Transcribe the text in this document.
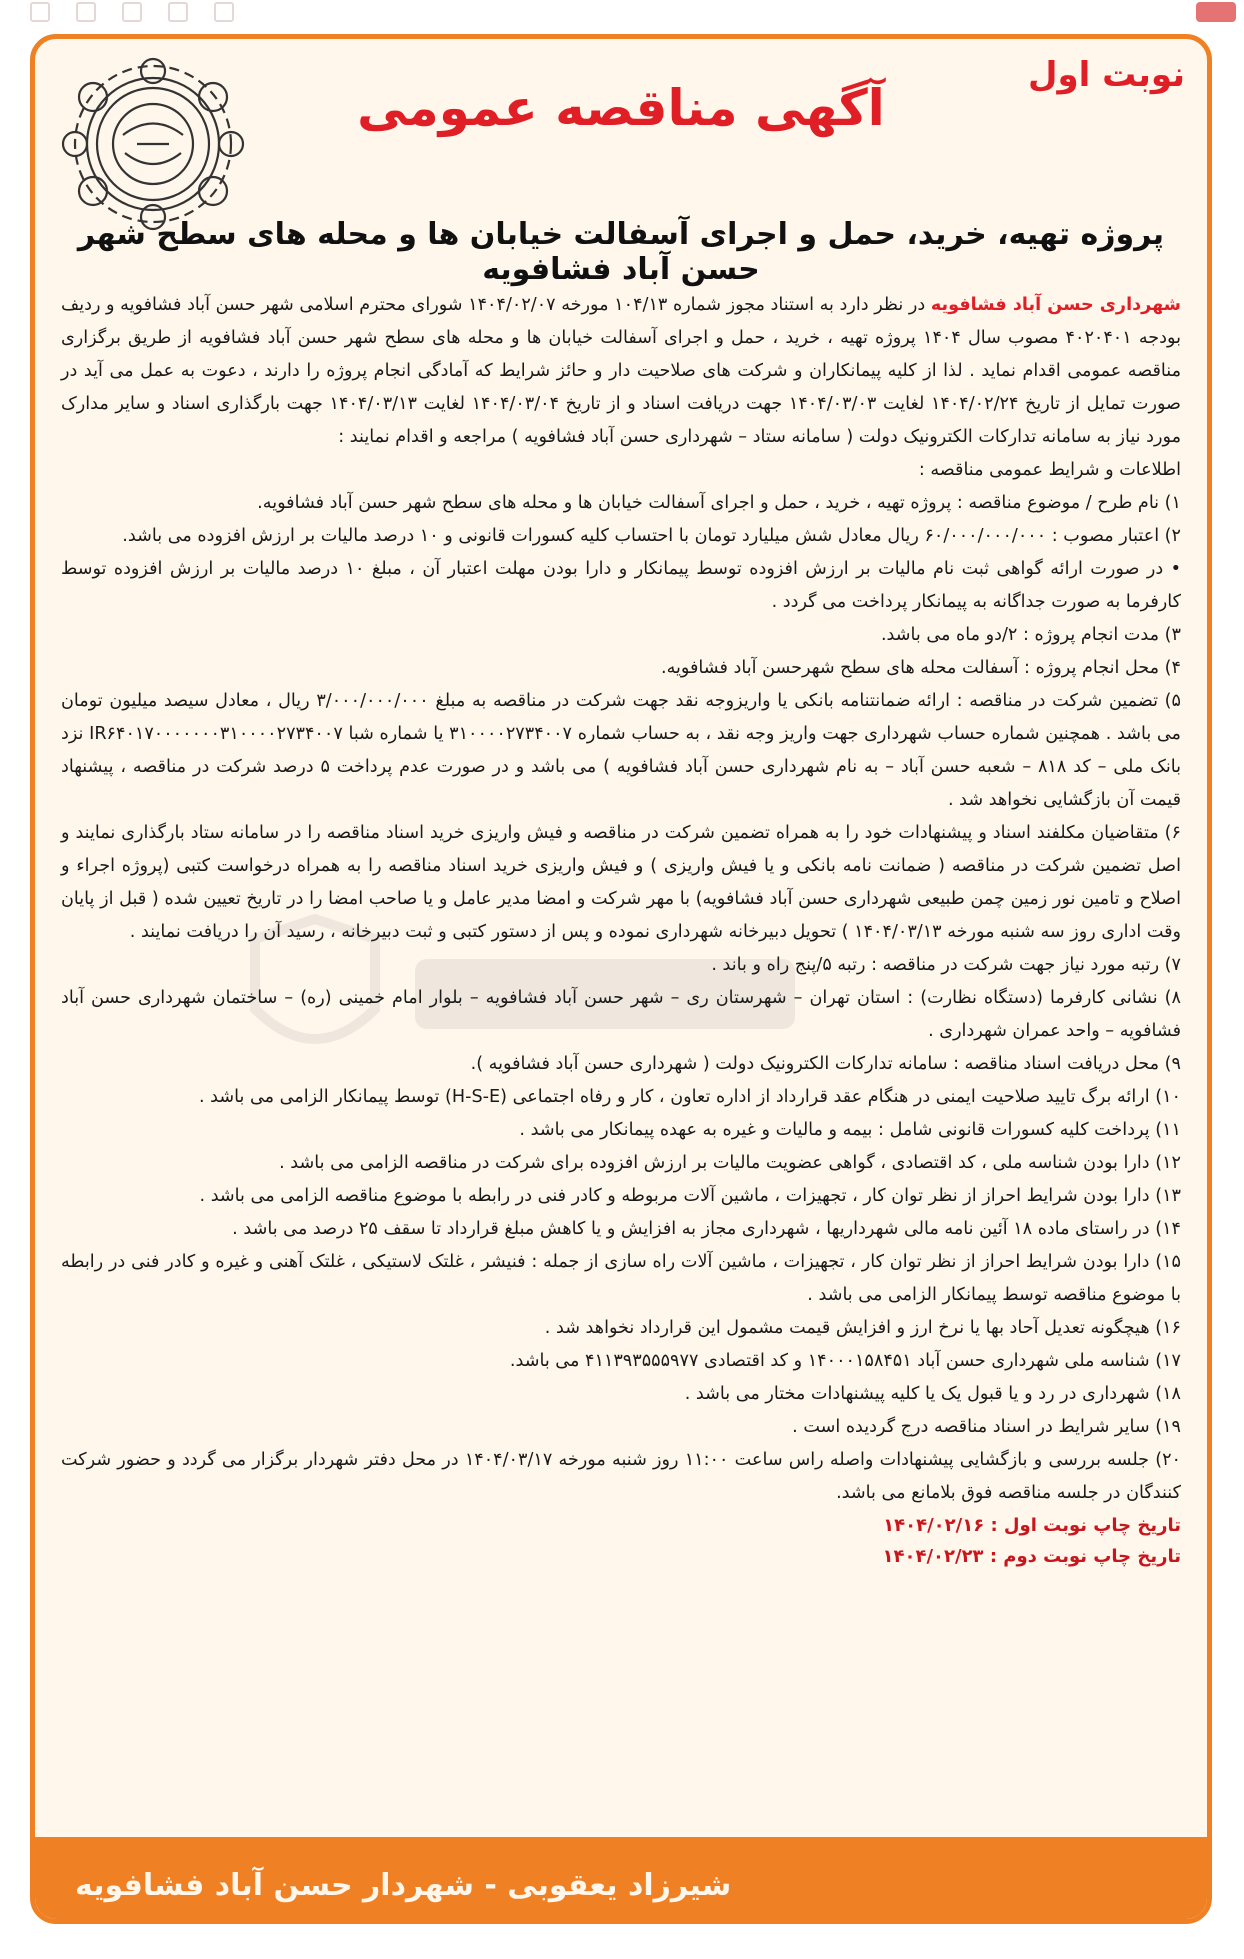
نوبت اول
آگهی مناقصه عمومی
پروژه تهیه، خرید، حمل و اجرای آسفالت خیابان ها و محله های سطح شهر حسن آباد فشافویه

شهرداری حسن آباد فشافویه در نظر دارد به استناد مجوز شماره ۱۰۴/۱۳ مورخه ۱۴۰۴/۰۲/۰۷ شورای محترم اسلامی شهر حسن آباد فشافویه و ردیف بودجه ۴۰۲۰۴۰۱ مصوب سال ۱۴۰۴ پروژه تهیه ، خرید ، حمل و اجرای آسفالت خیابان ها و محله های سطح شهر حسن آباد فشافویه از طریق برگزاری مناقصه عمومی اقدام نماید . لذا از کلیه پیمانکاران و شرکت های صلاحیت دار و حائز شرایط که آمادگی انجام پروژه را دارند ، دعوت به عمل می آید در صورت تمایل از تاریخ ۱۴۰۴/۰۲/۲۴ لغایت ۱۴۰۴/۰۳/۰۳ جهت دریافت اسناد و از تاریخ ۱۴۰۴/۰۳/۰۴ لغایت ۱۴۰۴/۰۳/۱۳ جهت بارگذاری اسناد و سایر مدارک مورد نیاز به سامانه تدارکات الکترونیک دولت ( سامانه ستاد – شهرداری حسن آباد فشافویه ) مراجعه و اقدام نمایند :

اطلاعات و شرایط عمومی مناقصه :

۱) نام طرح / موضوع مناقصه : پروژه تهیه ، خرید ، حمل و اجرای آسفالت خیابان ها و محله های سطح شهر حسن آباد فشافویه.

۲) اعتبار مصوب : ۶۰/۰۰۰/۰۰۰/۰۰۰ ریال معادل شش میلیارد تومان با احتساب کلیه کسورات قانونی و ۱۰ درصد مالیات بر ارزش افزوده می باشد.

• در صورت ارائه گواهی ثبت نام مالیات بر ارزش افزوده توسط پیمانکار و دارا بودن مهلت اعتبار آن ، مبلغ ۱۰ درصد مالیات بر ارزش افزوده توسط کارفرما به صورت جداگانه به پیمانکار پرداخت می گردد .

۳) مدت انجام پروژه : ۲/دو ماه می باشد.

۴) محل انجام پروژه : آسفالت محله های سطح شهرحسن آباد فشافویه.

۵) تضمین شرکت در مناقصه : ارائه ضمانتنامه بانکی یا واریزوجه نقد جهت شرکت در مناقصه به مبلغ ۳/۰۰۰/۰۰۰/۰۰۰ ریال ، معادل سیصد میلیون تومان می باشد . همچنین شماره حساب شهرداری جهت واریز وجه نقد ، به حساب شماره ۳۱۰۰۰۰۲۷۳۴۰۰۷ یا شماره شبا IR۶۴۰۱۷۰۰۰۰۰۰۰۳۱۰۰۰۰۲۷۳۴۰۰۷ نزد بانک ملی – کد ۸۱۸ – شعبه حسن آباد – به نام شهرداری حسن آباد فشافویه ) می باشد و در صورت عدم پرداخت ۵ درصد شرکت در مناقصه ، پیشنهاد قیمت آن بازگشایی نخواهد شد .

۶) متقاضیان مکلفند اسناد و پیشنهادات خود را به همراه تضمین شرکت در مناقصه و فیش واریزی خرید اسناد مناقصه را در سامانه ستاد بارگذاری نمایند و اصل تضمین شرکت در مناقصه ( ضمانت نامه بانکی و یا فیش واریزی ) و فیش واریزی خرید اسناد مناقصه را به همراه درخواست کتبی (پروژه اجراء و اصلاح و تامین نور زمین چمن طبیعی شهرداری حسن آباد فشافویه) با مهر شرکت و امضا مدیر عامل و یا صاحب امضا را در تاریخ تعیین شده ( قبل از پایان وقت اداری روز سه شنبه مورخه ۱۴۰۴/۰۳/۱۳ ) تحویل دبیرخانه شهرداری نموده و پس از دستور کتبی و ثبت دبیرخانه ، رسید آن را دریافت نمایند .

۷) رتبه مورد نیاز جهت شرکت در مناقصه : رتبه ۵/پنج راه و باند .

۸) نشانی کارفرما (دستگاه نظارت) : استان تهران – شهرستان ری – شهر حسن آباد فشافویه – بلوار امام خمینی (ره) – ساختمان شهرداری حسن آباد فشافویه – واحد عمران شهرداری .

۹) محل دریافت اسناد مناقصه : سامانه تدارکات الکترونیک دولت ( شهرداری حسن آباد فشافویه ).

۱۰) ارائه برگ تایید صلاحیت ایمنی در هنگام عقد قرارداد از اداره تعاون ، کار و رفاه اجتماعی (H-S-E) توسط پیمانکار الزامی می باشد .

۱۱) پرداخت کلیه کسورات قانونی شامل : بیمه و مالیات و غیره به عهده پیمانکار می باشد .

۱۲) دارا بودن شناسه ملی ، کد اقتصادی ، گواهی عضویت مالیات بر ارزش افزوده برای شرکت در مناقصه الزامی می باشد .

۱۳) دارا بودن شرایط احراز از نظر توان کار ، تجهیزات ، ماشین آلات مربوطه و کادر فنی در رابطه با موضوع مناقصه الزامی می باشد .

۱۴) در راستای ماده ۱۸ آئین نامه مالی شهرداریها ، شهرداری مجاز به افزایش و یا کاهش مبلغ قرارداد تا سقف ۲۵ درصد می باشد .

۱۵) دارا بودن شرایط احراز از نظر توان کار ، تجهیزات ، ماشین آلات راه سازی از جمله : فنیشر ، غلتک لاستیکی ، غلتک آهنی و غیره و کادر فنی در رابطه با موضوع مناقصه توسط پیمانکار الزامی می باشد .

۱۶) هیچگونه تعدیل آحاد بها یا نرخ ارز و افزایش قیمت مشمول این قرارداد نخواهد شد .

۱۷) شناسه ملی شهرداری حسن آباد ۱۴۰۰۰۱۵۸۴۵۱ و کد اقتصادی ۴۱۱۳۹۳۵۵۵۹۷۷ می باشد.

۱۸) شهرداری در رد و یا قبول یک یا کلیه پیشنهادات مختار می باشد .

۱۹) سایر شرایط در اسناد مناقصه درج گردیده است .

۲۰) جلسه بررسی و بازگشایی پیشنهادات واصله راس ساعت ۱۱:۰۰ روز شنبه مورخه ۱۴۰۴/۰۳/۱۷ در محل دفتر شهردار برگزار می گردد و حضور شرکت کنندگان در جلسه مناقصه فوق بلامانع می باشد.

تاریخ چاپ نوبت اول : ۱۴۰۴/۰۲/۱۶
تاریخ چاپ نوبت دوم : ۱۴۰۴/۰۲/۲۳
شیرزاد یعقوبی - شهردار حسن آباد فشافویه
